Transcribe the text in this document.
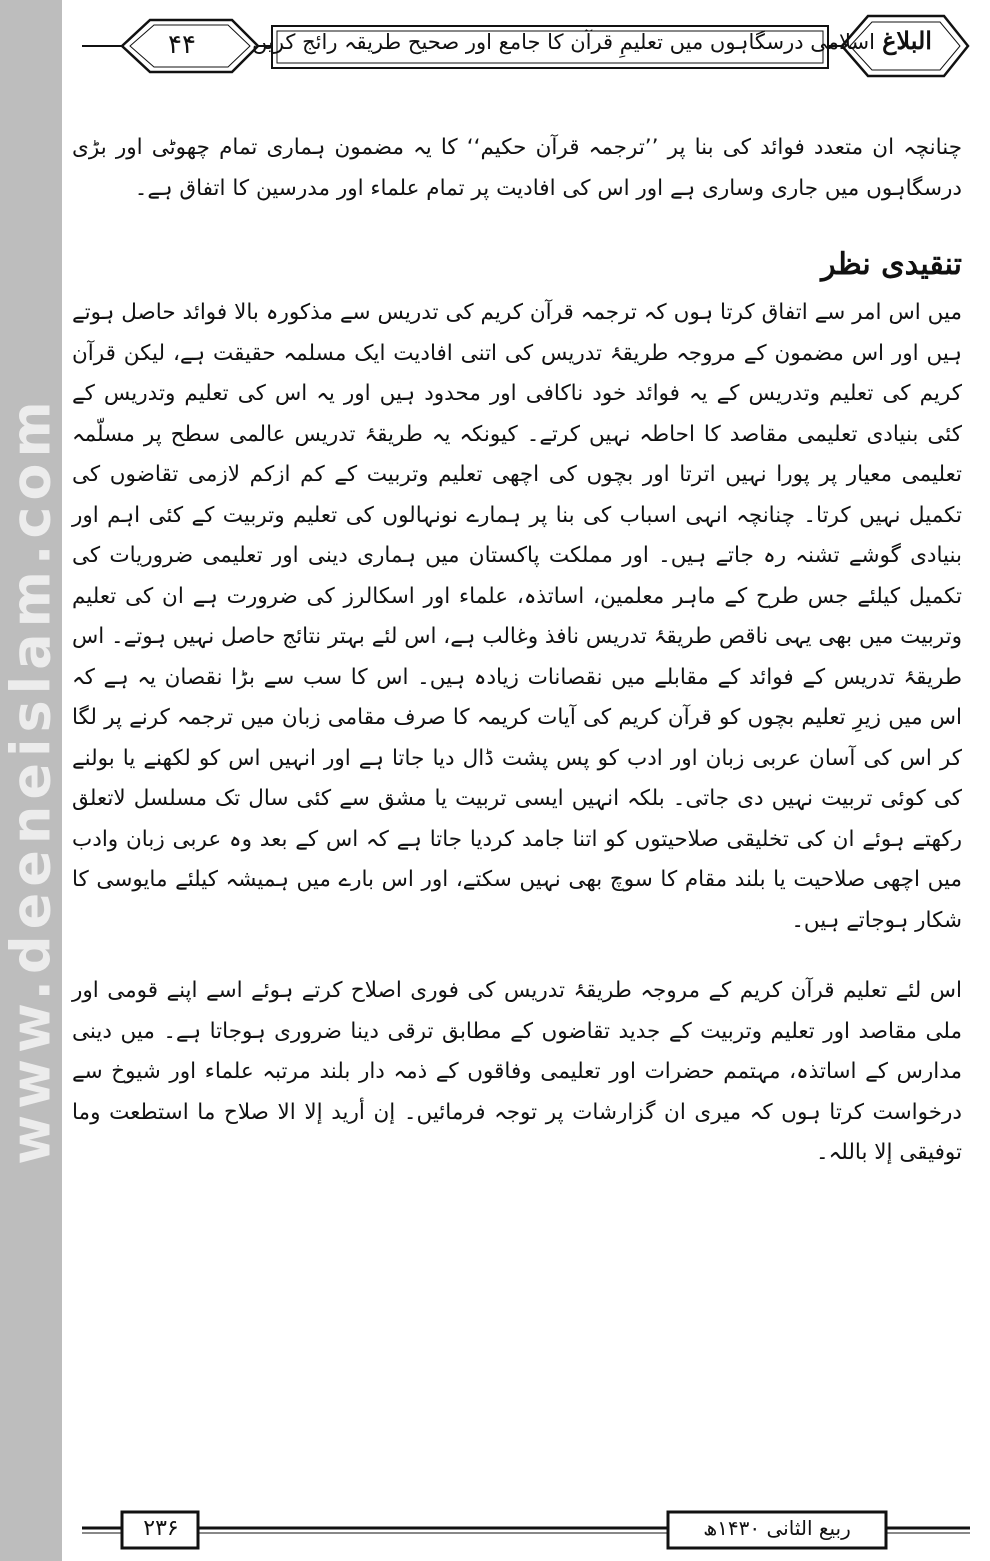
www.deeneislam.com
۴۴	اسلامی درسگاہوں میں تعلیمِ قرآن کا جامع اور صحیح طریقہ رائج کریں البلاغ

چنانچہ ان متعدد فوائد کی بنا پر ’’ترجمہ قرآن حکیم‘‘ کا یہ مضمون ہماری تمام چھوٹی اور بڑی درسگاہوں میں جاری وساری ہے اور اس کی افادیت پر تمام علماء اور مدرسین کا اتفاق ہے۔

تنقیدی نظر

میں اس امر سے اتفاق کرتا ہوں کہ ترجمہ قرآن کریم کی تدریس سے مذکورہ بالا فوائد حاصل ہوتے ہیں اور اس مضمون کے مروجہ طریقۂ تدریس کی اتنی افادیت ایک مسلمہ حقیقت ہے، لیکن قرآن کریم کی تعلیم وتدریس کے یہ فوائد خود ناکافی اور محدود ہیں اور یہ اس کی تعلیم وتدریس کے کئی بنیادی تعلیمی مقاصد کا احاطہ نہیں کرتے۔ کیونکہ یہ طریقۂ تدریس عالمی سطح پر مسلّمہ تعلیمی معیار پر پورا نہیں اترتا اور بچوں کی اچھی تعلیم وتربیت کے کم ازکم لازمی تقاضوں کی تکمیل نہیں کرتا۔ چنانچہ انہی اسباب کی بنا پر ہمارے نونہالوں کی تعلیم وتربیت کے کئی اہم اور بنیادی گوشے تشنہ رہ جاتے ہیں۔ اور مملکت پاکستان میں ہماری دینی اور تعلیمی ضروریات کی تکمیل کیلئے جس طرح کے ماہر معلمین، اساتذہ، علماء اور اسکالرز کی ضرورت ہے ان کی تعلیم وتربیت میں بھی یہی ناقص طریقۂ تدریس نافذ وغالب ہے، اس لئے بہتر نتائج حاصل نہیں ہوتے۔ اس طریقۂ تدریس کے فوائد کے مقابلے میں نقصانات زیادہ ہیں۔ اس کا سب سے بڑا نقصان یہ ہے کہ اس میں زیرِ تعلیم بچوں کو قرآن کریم کی آیات کریمہ کا صرف مقامی زبان میں ترجمہ کرنے پر لگا کر اس کی آسان عربی زبان اور ادب کو پس پشت ڈال دیا جاتا ہے اور انہیں اس کو لکھنے یا بولنے کی کوئی تربیت نہیں دی جاتی۔ بلکہ انہیں ایسی تربیت یا مشق سے کئی سال تک مسلسل لاتعلق رکھتے ہوئے ان کی تخلیقی صلاحیتوں کو اتنا جامد کردیا جاتا ہے کہ اس کے بعد وہ عربی زبان وادب میں اچھی صلاحیت یا بلند مقام کا سوچ بھی نہیں سکتے، اور اس بارے میں ہمیشہ کیلئے مایوسی کا شکار ہوجاتے ہیں۔

اس لئے تعلیم قرآن کریم کے مروجہ طریقۂ تدریس کی فوری اصلاح کرتے ہوئے اسے اپنے قومی اور ملی مقاصد اور تعلیم وتربیت کے جدید تقاضوں کے مطابق ترقی دینا ضروری ہوجاتا ہے۔ میں دینی مدارس کے اساتذہ، مہتمم حضرات اور تعلیمی وفاقوں کے ذمہ دار بلند مرتبہ علماء اور شیوخ سے درخواست کرتا ہوں کہ میری ان گزارشات پر توجہ فرمائیں۔ إن أرید إلا الا صلاح ما استطعت وما توفیقی إلا باللہ۔

۲۳۶	ربیع الثانی ۱۴۳۰ھ
